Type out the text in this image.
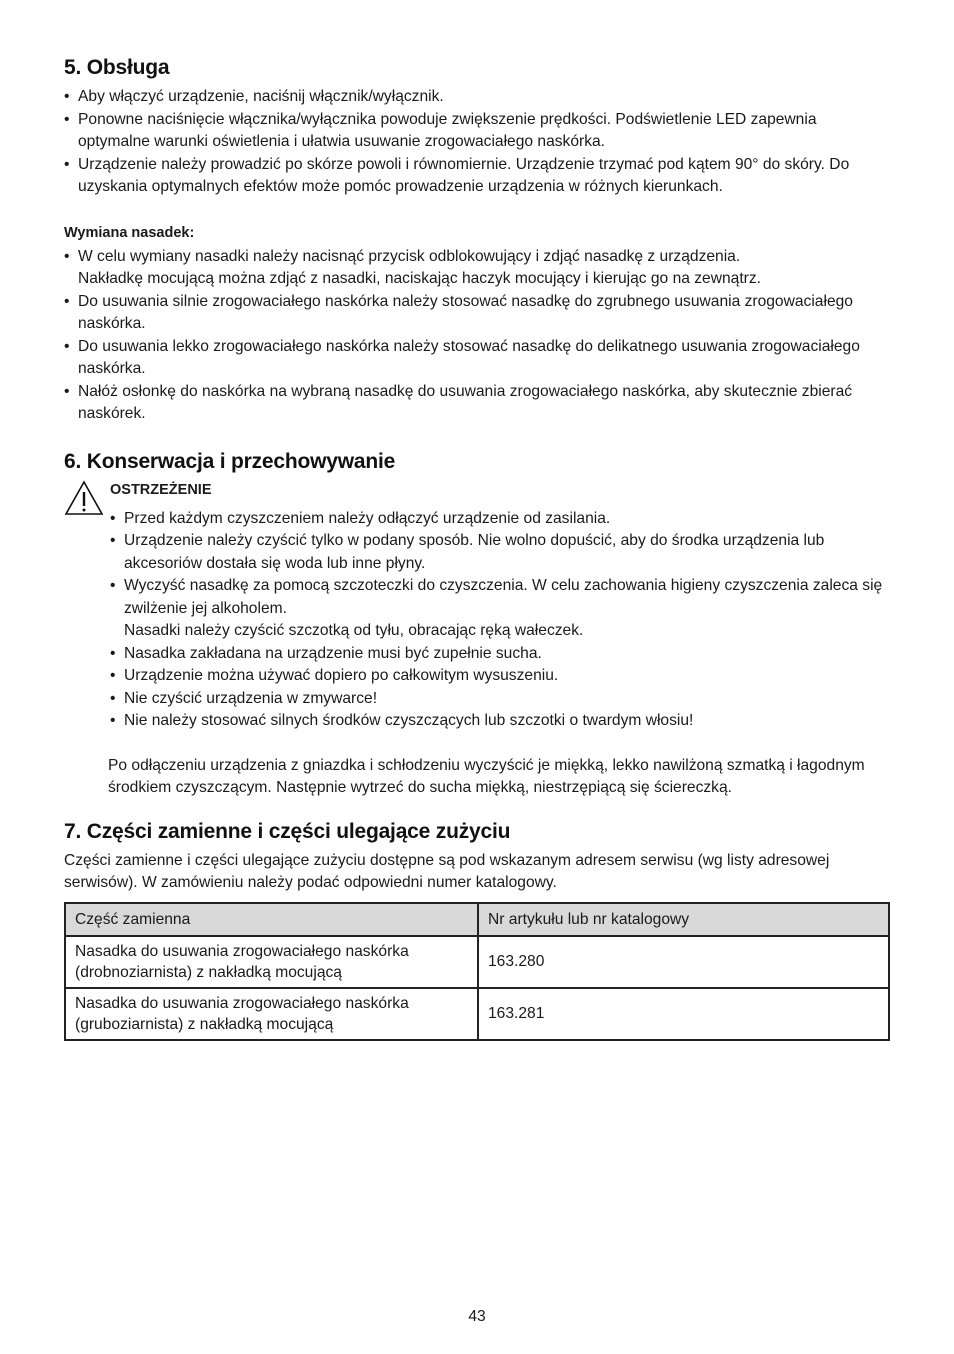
5. Obsługa
• Aby włączyć urządzenie, naciśnij włącznik/wyłącznik.
• Ponowne naciśnięcie włącznika/wyłącznika powoduje zwiększenie prędkości. Podświetlenie LED zapewnia optymalne warunki oświetlenia i ułatwia usuwanie zrogowaciałego naskórka.
• Urządzenie należy prowadzić po skórze powoli i równomiernie. Urządzenie trzymać pod kątem 90° do skóry. Do uzyskania optymalnych efektów może pomóc prowadzenie urządzenia w różnych kierunkach.
Wymiana nasadek:
• W celu wymiany nasadki należy nacisnąć przycisk odblokowujący i zdjąć nasadkę z urządzenia.
Nakładkę mocującą można zdjąć z nasadki, naciskając haczyk mocujący i kierując go na zewnątrz.
• Do usuwania silnie zrogowaciałego naskórka należy stosować nasadkę do zgrubnego usuwania zrogowaciałego naskórka.
• Do usuwania lekko zrogowaciałego naskórka należy stosować nasadkę do delikatnego usuwania zrogowaciałego naskórka.
• Nałóż osłonkę do naskórka na wybraną nasadkę do usuwania zrogowaciałego naskórka, aby skutecznie zbierać naskórek.
6. Konserwacja i przechowywanie
OSTRZEŻENIE
• Przed każdym czyszczeniem należy odłączyć urządzenie od zasilania.
• Urządzenie należy czyścić tylko w podany sposób. Nie wolno dopuścić, aby do środka urządzenia lub akcesoriów dostała się woda lub inne płyny.
• Wyczyść nasadkę za pomocą szczoteczki do czyszczenia. W celu zachowania higieny czyszczenia zaleca się zwilżenie jej alkoholem.
Nasadki należy czyścić szczotką od tyłu, obracając ręką wałeczek.
• Nasadka zakładana na urządzenie musi być zupełnie sucha.
• Urządzenie można używać dopiero po całkowitym wysuszeniu.
• Nie czyścić urządzenia w zmywarce!
• Nie należy stosować silnych środków czyszczących lub szczotki o twardym włosiu!

Po odłączeniu urządzenia z gniazdka i schłodzeniu wyczyścić je miękką, lekko nawilżoną szmatką i łagodnym środkiem czyszczącym. Następnie wytrzeć do sucha miękką, niestrzępiącą się ściereczką.

7. Części zamienne i części ulegające zużyciu

Części zamienne i części ulegające zużyciu dostępne są pod wskazanym adresem serwisu (wg listy adresowej serwisów). W zamówieniu należy podać odpowiedni numer katalogowy.

Część zamienna	Nr artykułu lub nr katalogowy
Nasadka do usuwania zrogowaciałego naskórka (drobnoziarnista) z nakładką mocującą	163.280
Nasadka do usuwania zrogowaciałego naskórka (gruboziarnista) z nakładką mocującą	163.281
43
